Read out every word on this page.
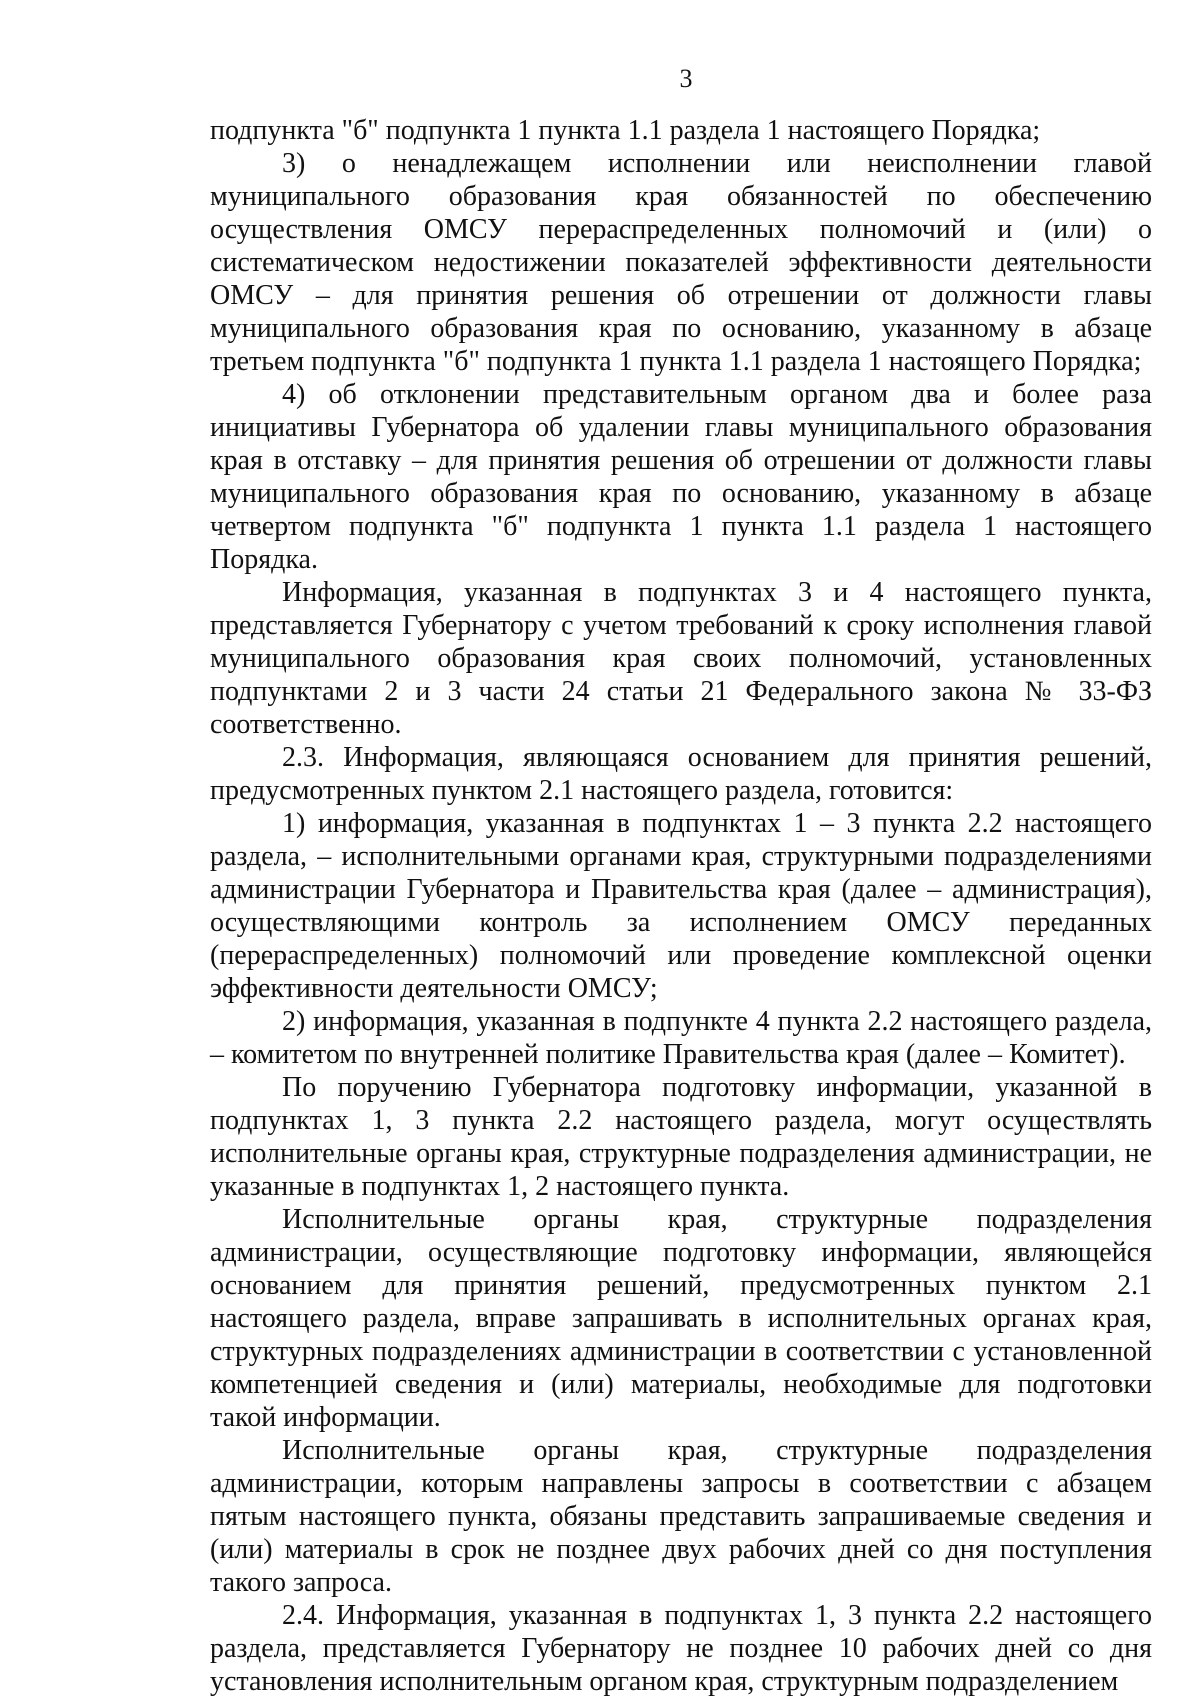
3

подпункта "б" подпункта 1 пункта 1.1 раздела 1 настоящего Порядка;

3) о ненадлежащем исполнении или неисполнении главой муниципального образования края обязанностей по обеспечению осуществления ОМСУ перераспределенных полномочий и (или) о систематическом недостижении показателей эффективности деятельности ОМСУ – для принятия решения об отрешении от должности главы муниципального образования края по основанию, указанному в абзаце третьем подпункта "б" подпункта 1 пункта 1.1 раздела 1 настоящего Порядка;

4) об отклонении представительным органом два и более раза инициативы Губернатора об удалении главы муниципального образования края в отставку – для принятия решения об отрешении от должности главы муниципального образования края по основанию, указанному в абзаце четвертом подпункта "б" подпункта 1 пункта 1.1 раздела 1 настоящего Порядка.

Информация, указанная в подпунктах 3 и 4 настоящего пункта, представляется Губернатору с учетом требований к сроку исполнения главой муниципального образования края своих полномочий, установленных подпунктами 2 и 3 части 24 статьи 21 Федерального закона № 33-ФЗ соответственно.

2.3. Информация, являющаяся основанием для принятия решений, предусмотренных пунктом 2.1 настоящего раздела, готовится:

1) информация, указанная в подпунктах 1 – 3 пункта 2.2 настоящего раздела, – исполнительными органами края, структурными подразделениями администрации Губернатора и Правительства края (далее – администрация), осуществляющими контроль за исполнением ОМСУ переданных (перераспределенных) полномочий или проведение комплексной оценки эффективности деятельности ОМСУ;

2) информация, указанная в подпункте 4 пункта 2.2 настоящего раздела, – комитетом по внутренней политике Правительства края (далее – Комитет).

По поручению Губернатора подготовку информации, указанной в подпунктах 1, 3 пункта 2.2 настоящего раздела, могут осуществлять исполнительные органы края, структурные подразделения администрации, не указанные в подпунктах 1, 2 настоящего пункта.

Исполнительные органы края, структурные подразделения администрации, осуществляющие подготовку информации, являющейся основанием для принятия решений, предусмотренных пунктом 2.1 настоящего раздела, вправе запрашивать в исполнительных органах края, структурных подразделениях администрации в соответствии с установленной компетенцией сведения и (или) материалы, необходимые для подготовки такой информации.

Исполнительные органы края, структурные подразделения администрации, которым направлены запросы в соответствии с абзацем пятым настоящего пункта, обязаны представить запрашиваемые сведения и (или) материалы в срок не позднее двух рабочих дней со дня поступления такого запроса.

2.4. Информация, указанная в подпунктах 1, 3 пункта 2.2 настоящего раздела, представляется Губернатору не позднее 10 рабочих дней со дня установления исполнительным органом края, структурным подразделением
